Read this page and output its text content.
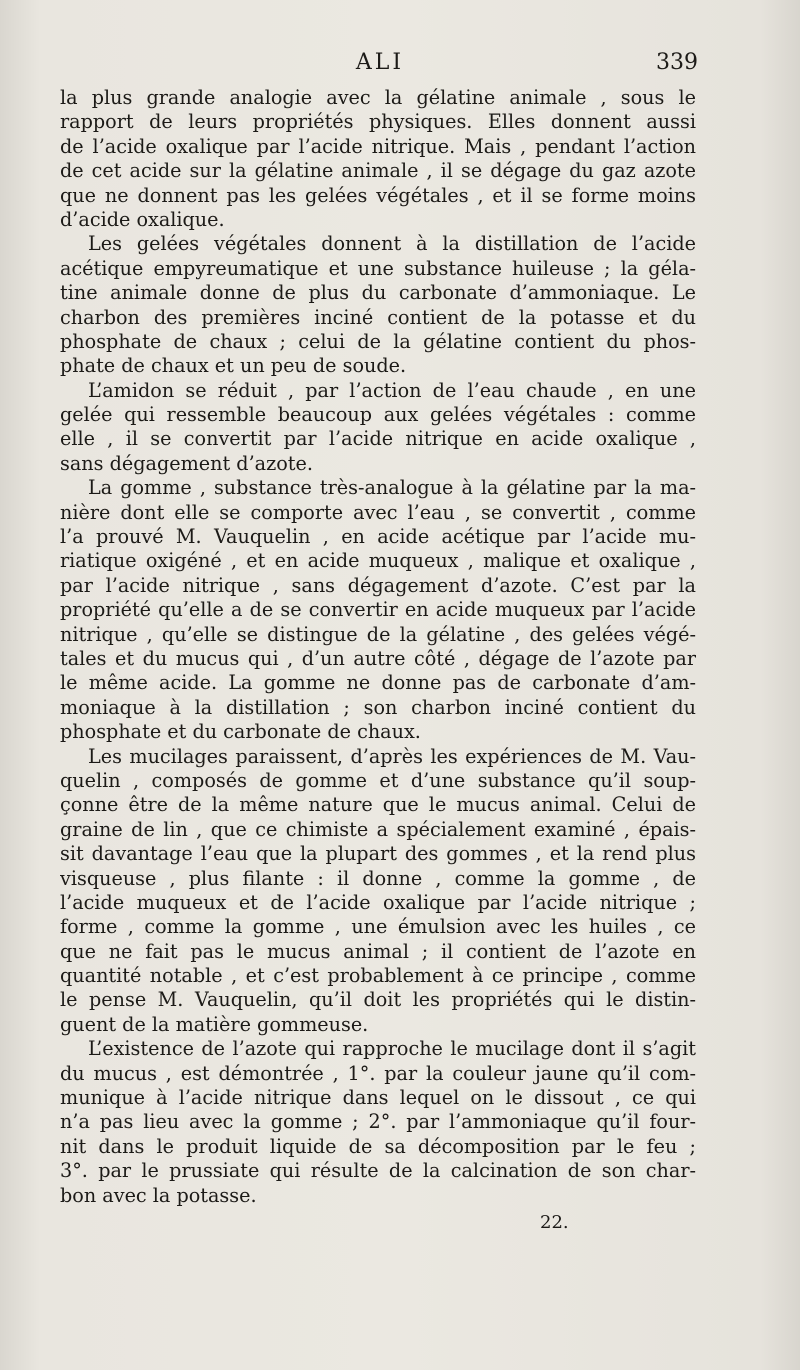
ALI	339
la plus grande analogie avec la gélatine animale , sous le
rapport de leurs propriétés physiques. Elles donnent aussi
de l’acide oxalique par l’acide nitrique. Mais , pendant l’action
de cet acide sur la gélatine animale , il se dégage du gaz azote
que ne donnent pas les gelées végétales , et il se forme moins
d’acide oxalique.
Les gelées végétales donnent à la distillation de l’acide
acétique empyreumatique et une substance huileuse ; la géla-
tine animale donne de plus du carbonate d’ammoniaque. Le
charbon des premières inciné contient de la potasse et du
phosphate de chaux ; celui de la gélatine contient du phos-
phate de chaux et un peu de soude.
L’amidon se réduit , par l’action de l’eau chaude , en une
gelée qui ressemble beaucoup aux gelées végétales : comme
elle , il se convertit par l’acide nitrique en acide oxalique ,
sans dégagement d’azote.
La gomme , substance très-analogue à la gélatine par la ma-
nière dont elle se comporte avec l’eau , se convertit , comme
l’a prouvé M. Vauquelin , en acide acétique par l’acide mu-
riatique oxigéné , et en acide muqueux , malique et oxalique ,
par l’acide nitrique , sans dégagement d’azote. C’est par la
propriété qu’elle a de se convertir en acide muqueux par l’acide
nitrique , qu’elle se distingue de la gélatine , des gelées végé-
tales et du mucus qui , d’un autre côté , dégage de l’azote par
le même acide. La gomme ne donne pas de carbonate d’am-
moniaque à la distillation ; son charbon inciné contient du
phosphate et du carbonate de chaux.
Les mucilages paraissent, d’après les expériences de M. Vau-
quelin , composés de gomme et d’une substance qu’il soup-
çonne être de la même nature que le mucus animal. Celui de
graine de lin , que ce chimiste a spécialement examiné , épais-
sit davantage l’eau que la plupart des gommes , et la rend plus
visqueuse , plus filante : il donne , comme la gomme , de
l’acide muqueux et de l’acide oxalique par l’acide nitrique ;
forme , comme la gomme , une émulsion avec les huiles , ce
que ne fait pas le mucus animal ; il contient de l’azote en
quantité notable , et c’est probablement à ce principe , comme
le pense M. Vauquelin, qu’il doit les propriétés qui le distin-
guent de la matière gommeuse.
L’existence de l’azote qui rapproche le mucilage dont il s’agit
du mucus , est démontrée , 1°. par la couleur jaune qu’il com-
munique à l’acide nitrique dans lequel on le dissout , ce qui
n’a pas lieu avec la gomme ; 2°. par l’ammoniaque qu’il four-
nit dans le produit liquide de sa décomposition par le feu ;
3°. par le prussiate qui résulte de la calcination de son char-
bon avec la potasse.
22.
